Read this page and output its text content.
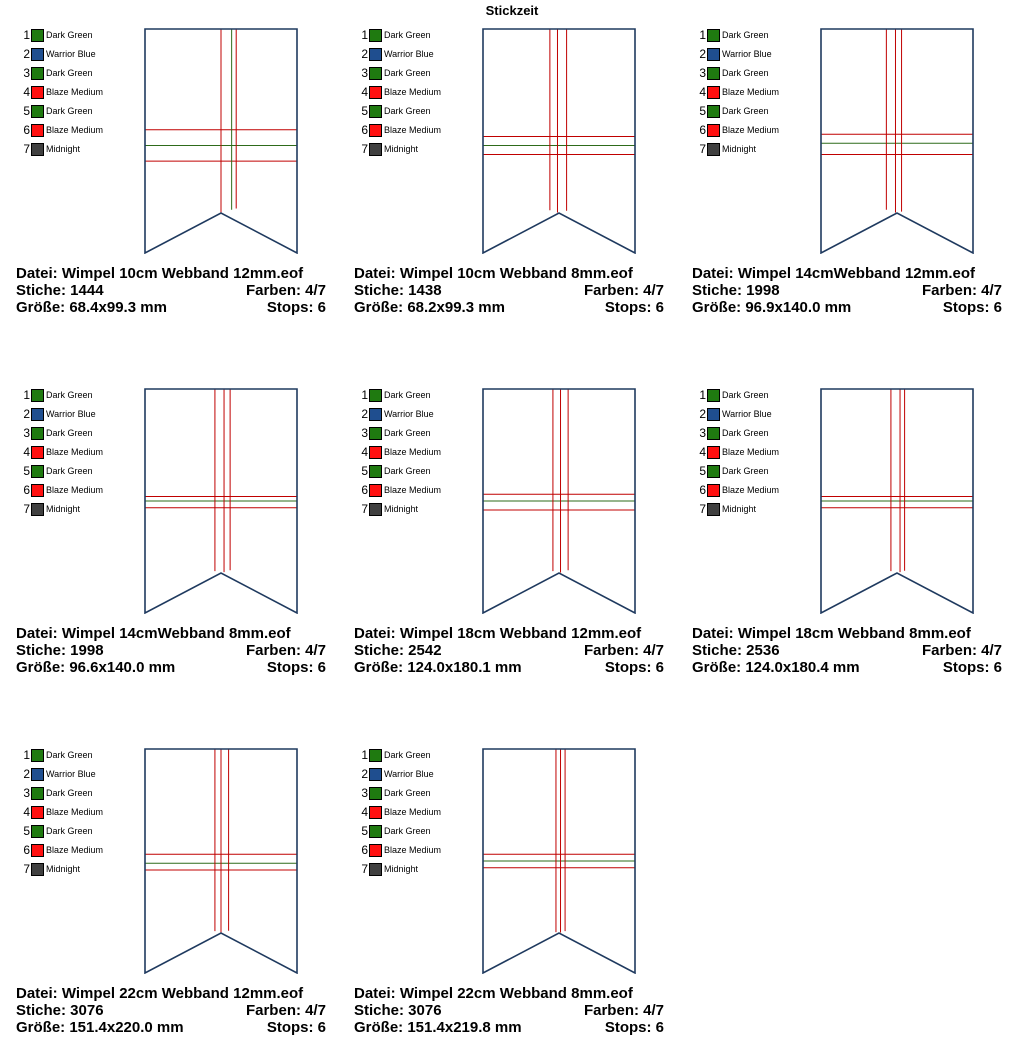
Stickzeit
1 Dark Green
2 Warrior Blue
3 Dark Green
4 Blaze Medium
5 Dark Green
6 Blaze Medium
7 Midnight
Datei: Wimpel 10cm Webband 12mm.eof
Stiche: 1444	Farben: 4/7
Größe: 68.4x99.3 mm	Stops: 6
1 Dark Green
2 Warrior Blue
3 Dark Green
4 Blaze Medium
5 Dark Green
6 Blaze Medium
7 Midnight
Datei: Wimpel 10cm Webband 8mm.eof
Stiche: 1438	Farben: 4/7
Größe: 68.2x99.3 mm	Stops: 6
1 Dark Green
2 Warrior Blue
3 Dark Green
4 Blaze Medium
5 Dark Green
6 Blaze Medium
7 Midnight
Datei: Wimpel 14cmWebband 12mm.eof
Stiche: 1998	Farben: 4/7
Größe: 96.9x140.0 mm	Stops: 6
1 Dark Green
2 Warrior Blue
3 Dark Green
4 Blaze Medium
5 Dark Green
6 Blaze Medium
7 Midnight
Datei: Wimpel 14cmWebband 8mm.eof
Stiche: 1998	Farben: 4/7
Größe: 96.6x140.0 mm	Stops: 6
1 Dark Green
2 Warrior Blue
3 Dark Green
4 Blaze Medium
5 Dark Green
6 Blaze Medium
7 Midnight
Datei: Wimpel 18cm Webband 12mm.eof
Stiche: 2542	Farben: 4/7
Größe: 124.0x180.1 mm	Stops: 6
1 Dark Green
2 Warrior Blue
3 Dark Green
4 Blaze Medium
5 Dark Green
6 Blaze Medium
7 Midnight
Datei: Wimpel 18cm Webband 8mm.eof
Stiche: 2536	Farben: 4/7
Größe: 124.0x180.4 mm	Stops: 6
1 Dark Green
2 Warrior Blue
3 Dark Green
4 Blaze Medium
5 Dark Green
6 Blaze Medium
7 Midnight
Datei: Wimpel 22cm Webband 12mm.eof
Stiche: 3076	Farben: 4/7
Größe: 151.4x220.0 mm	Stops: 6
1 Dark Green
2 Warrior Blue
3 Dark Green
4 Blaze Medium
5 Dark Green
6 Blaze Medium
7 Midnight
Datei: Wimpel 22cm Webband 8mm.eof
Stiche: 3076	Farben: 4/7
Größe: 151.4x219.8 mm	Stops: 6
